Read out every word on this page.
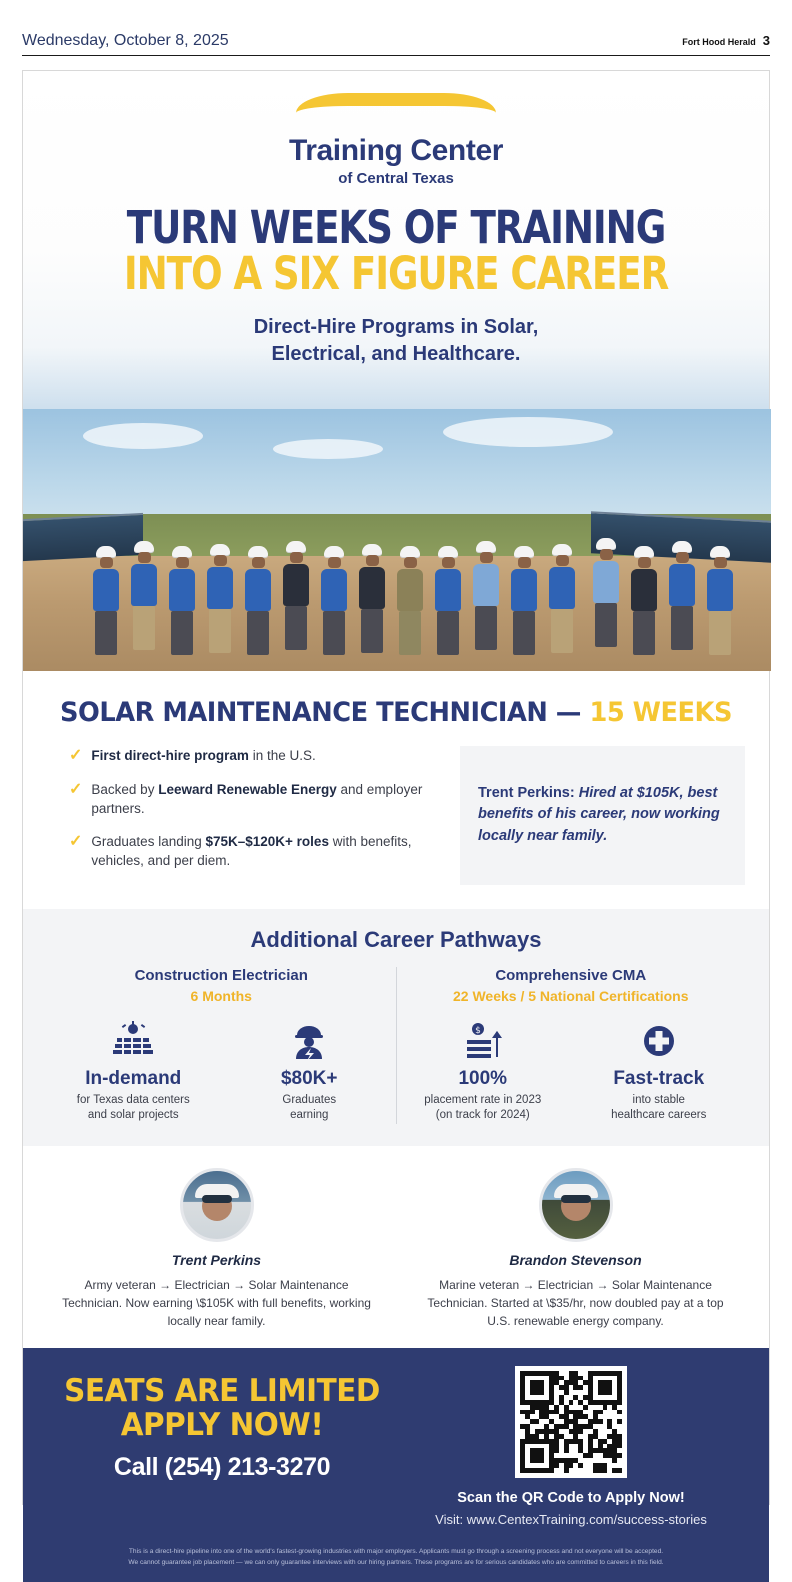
Wednesday, October 8, 2025	Fort Hood Herald 3
Training Center
of Central Texas
TURN WEEKS OF TRAINING
INTO A SIX FIGURE CAREER
Direct-Hire Programs in Solar,
Electrical, and Healthcare.
SOLAR MAINTENANCE TECHNICIAN — 15 WEEKS
✓ First direct-hire program in the U.S.
✓ Backed by Leeward Renewable Energy and employer partners.
✓ Graduates landing $75K–$120K+ roles with benefits, vehicles, and per diem.
Trent Perkins: Hired at $105K, best benefits of his career, now working locally near family.
Additional Career Pathways
Construction Electrician
6 Months
In-demand
for Texas data centers
and solar projects
$80K+
Graduates
earning
Comprehensive CMA
22 Weeks / 5 National Certifications
$
100%
placement rate in 2023
(on track for 2024)
Fast-track
into stable
healthcare careers
Trent Perkins
Army veteran → Electrician → Solar Maintenance Technician. Now earning \$105K with full benefits, working locally near family.
Brandon Stevenson
Marine veteran → Electrician → Solar Maintenance Technician. Started at \$35/hr, now doubled pay at a top U.S. renewable energy company.
SEATS ARE LIMITED
APPLY NOW!
Call (254) 213-3270
Scan the QR Code to Apply Now!
Visit: www.CentexTraining.com/success-stories
This is a direct-hire pipeline into one of the world's fastest-growing industries with major employers. Applicants must go through a screening process and not everyone will be accepted.
We cannot guarantee job placement — we can only guarantee interviews with our hiring partners. These programs are for serious candidates who are committed to careers in this field.
